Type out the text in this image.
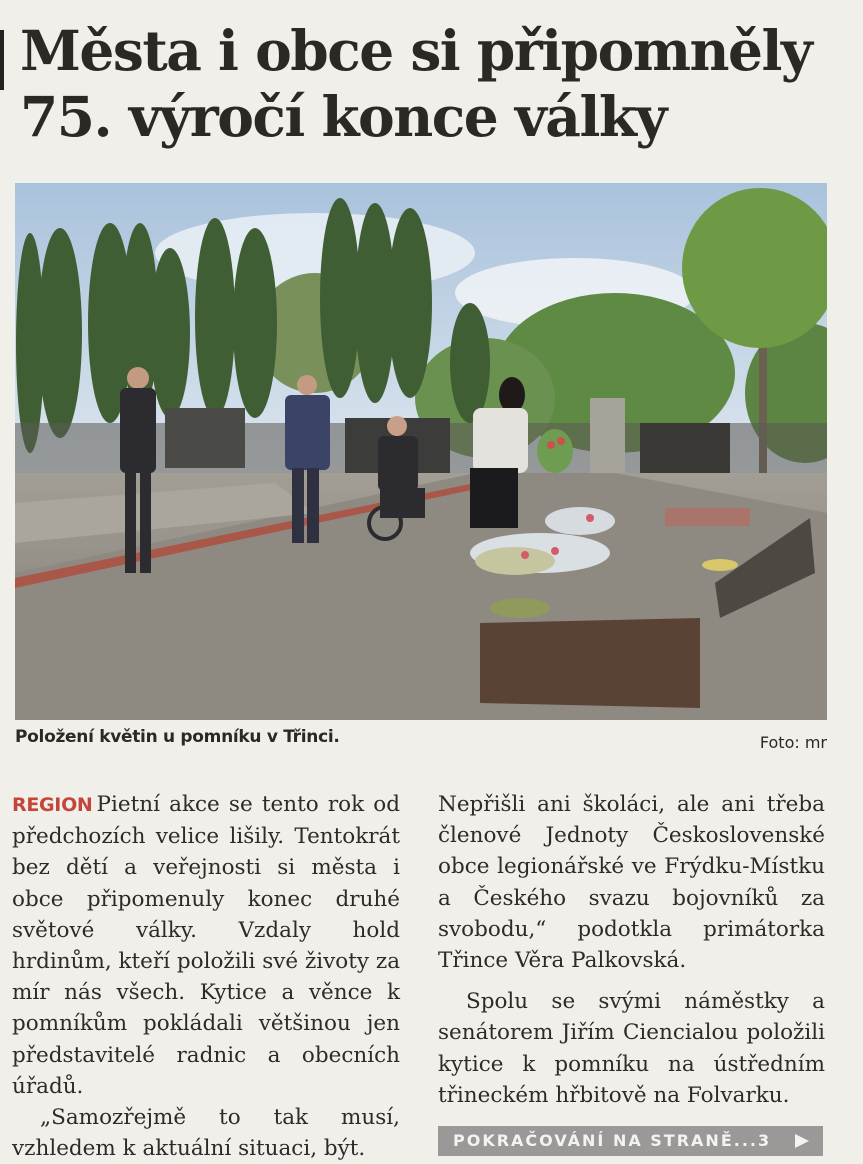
Města i obce si připomněly
75. výročí konce války
Položení květin u pomníku v Třinci.	Foto: mr

REGION Pietní akce se tento rok od předchozích velice lišily. Tentokrát bez dětí a veřejnosti si města i obce připomenuly konec druhé světové války. Vzdaly hold hrdinům, kteří položili své životy za mír nás všech. Kytice a věnce k pomníkům pokládali většinou jen představitelé radnic a obecních úřadů.

„Samozřejmě to tak musí, vzhledem k aktuální situaci, být.

Nepřišli ani školáci, ale ani třeba členové Jednoty Československé obce legionářské ve Frýdku-Místku a Českého svazu bojovníků za svobodu,“ podotkla primátorka Třince Věra Palkovská.

Spolu se svými náměstky a senátorem Jiřím Ciencialou položili kytice k pomníku na ústředním třineckém hřbitově na Folvarku.

POKRAČOVÁNÍ NA STRANĚ...3
